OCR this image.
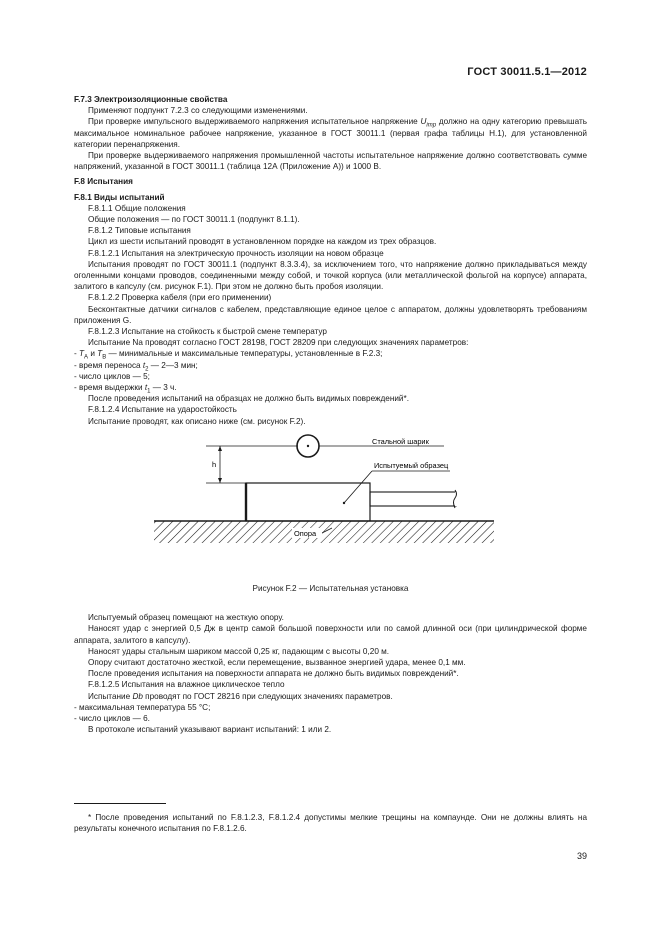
ГОСТ 30011.5.1—2012

F.7.3 Электроизоляционные свойства

Применяют подпункт 7.2.3 со следующими изменениями.

При проверке импульсного выдерживаемого напряжения испытательное напряжение $U_{imp}$ должно на одну категорию превышать максимальное номинальное рабочее напряжение, указанное в ГОСТ 30011.1 (первая графа таблицы Н.1), для установленной категории перенапряжения.

При проверке выдерживаемого напряжения промышленной частоты испытательное напряжение должно соответствовать сумме напряжений, указанной в ГОСТ 30011.1 (таблица 12А (Приложение А)) и 1000 В.

F.8 Испытания

F.8.1 Виды испытаний

F.8.1.1 Общие положения

Общие положения — по ГОСТ 30011.1 (подпункт 8.1.1).

F.8.1.2 Типовые испытания

Цикл из шести испытаний проводят в установленном порядке на каждом из трех образцов.

F.8.1.2.1 Испытания на электрическую прочность изоляции на новом образце

Испытания проводят по ГОСТ 30011.1 (подпункт 8.3.3.4), за исключением того, что напряжение должно прикладываться между оголенными концами проводов, соединенными между собой, и точкой корпуса (или металлической фольгой на корпусе) аппарата, залитого в капсулу (см. рисунок F.1). При этом не должно быть пробоя изоляции.

F.8.1.2.2 Проверка кабеля (при его применении)

Бесконтактные датчики сигналов с кабелем, представляющие единое целое с аппаратом, должны удовлетворять требованиям приложения G.

F.8.1.2.3 Испытание на стойкость к быстрой смене температур

Испытание Na проводят согласно ГОСТ 28198, ГОСТ 28209 при следующих значениях параметров:

- $T_A$ и $T_B$ — минимальные и максимальные температуры, установленные в F.2.3;

- время переноса $t_2$ — 2—3 мин;

- число циклов — 5;

- время выдержки $t_1$ — 3 ч.

После проведения испытаний на образцах не должно быть видимых повреждений*.

F.8.1.2.4 Испытание на ударостойкость

Испытание проводят, как описано ниже (см. рисунок F.2).

h
Стальной шарик
Испытуемый образец
Опора

Рисунок F.2 — Испытательная установка

Испытуемый образец помещают на жесткую опору.

Наносят удар с энергией 0,5 Дж в центр самой большой поверхности или по самой длинной оси (при цилиндрической форме аппарата, залитого в капсулу).

Наносят удары стальным шариком массой 0,25 кг, падающим с высоты 0,20 м.

Опору считают достаточно жесткой, если перемещение, вызванное энергией удара, менее 0,1 мм.

После проведения испытания на поверхности аппарата не должно быть видимых повреждений*.

F.8.1.2.5 Испытания на влажное циклическое тепло

Испытание Db проводят по ГОСТ 28216 при следующих значениях параметров.

- максимальная температура 55 °С;

- число циклов — 6.

В протоколе испытаний указывают вариант испытаний: 1 или 2.

* После проведения испытаний по F.8.1.2.3, F.8.1.2.4 допустимы мелкие трещины на компаунде. Они не должны влиять на результаты конечного испытания по F.8.1.2.6.

39
